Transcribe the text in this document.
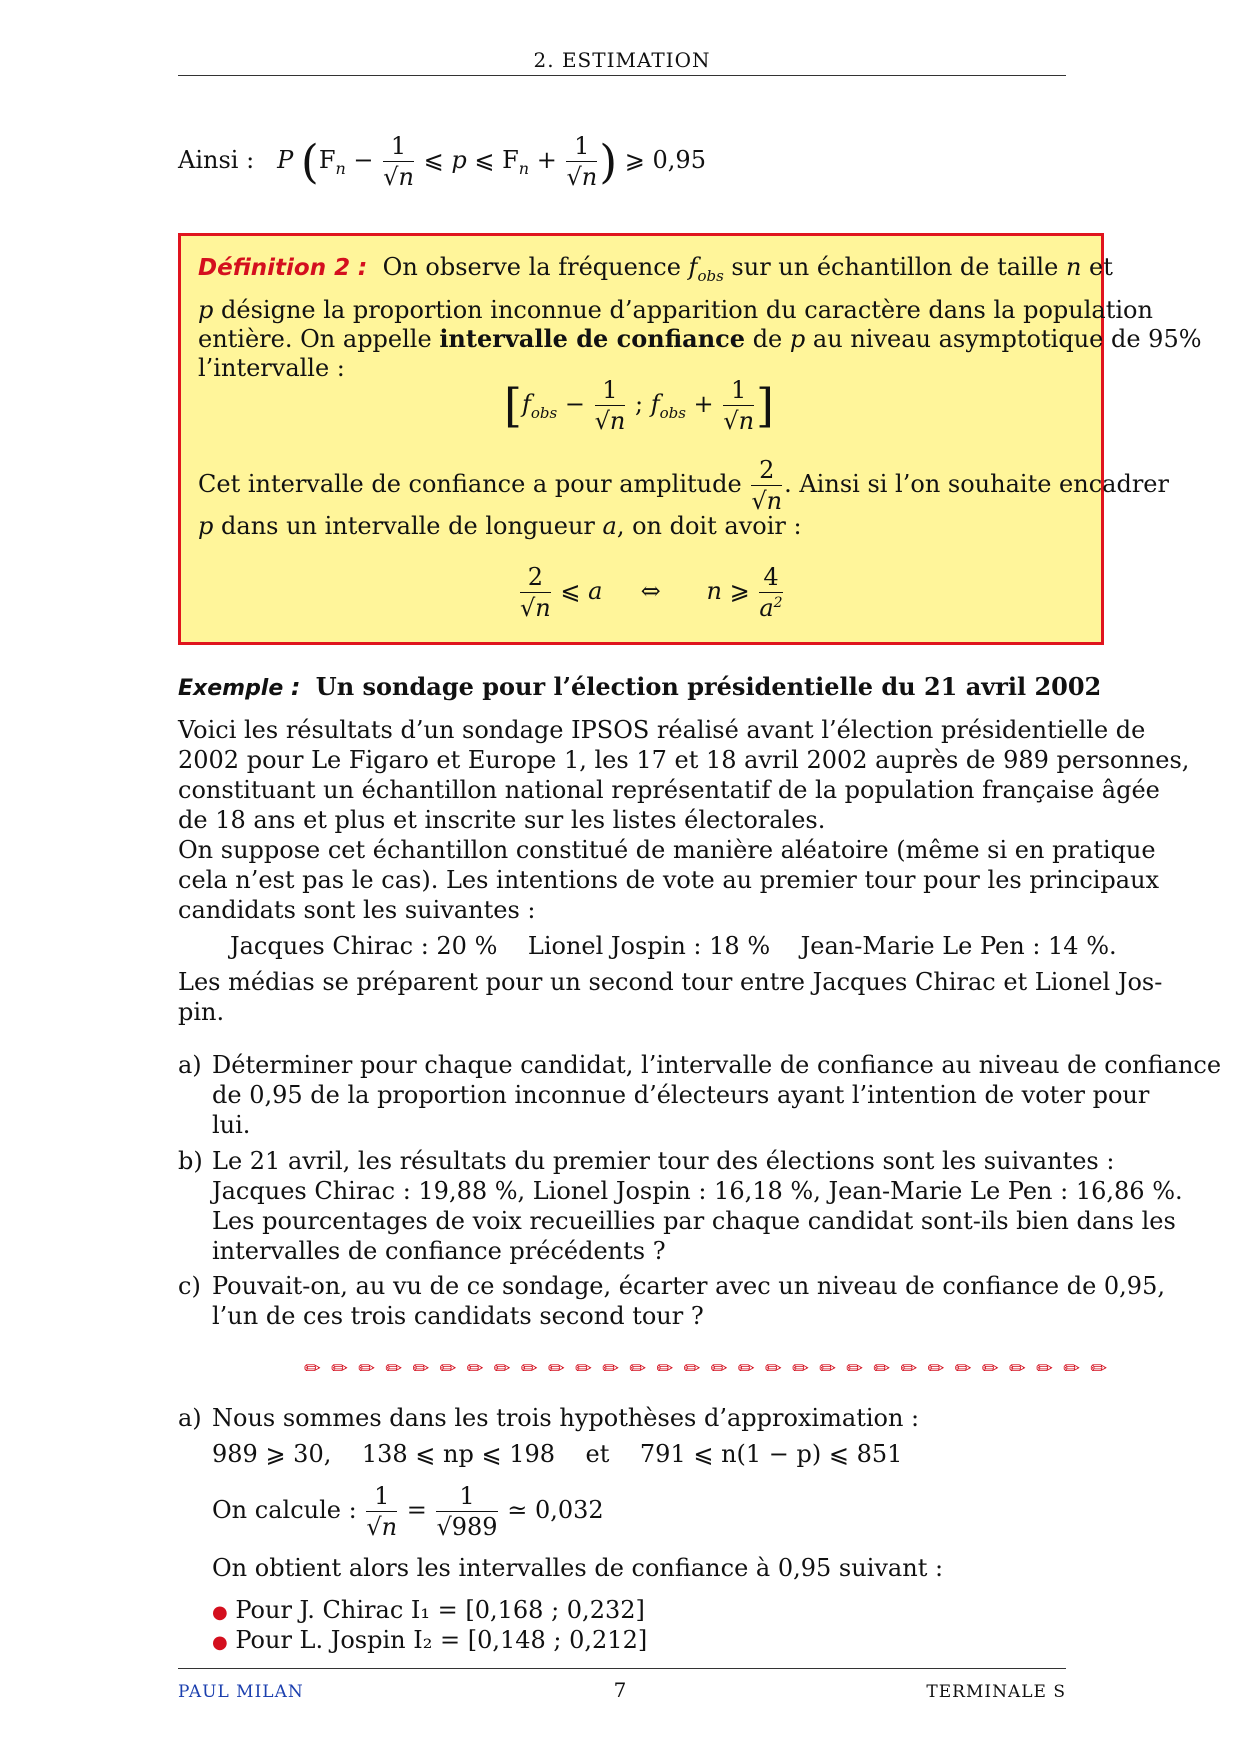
2. ESTIMATION
Ainsi : P ($F_n - \frac{1}{√n}$ ⩽ p ⩽ $F_n + \frac{1}{√n}$ ) ⩾ 0,95
Définition 2 : On observe la fréquence $f_{obs}$ sur un échantillon de taille n et
p désigne la proportion inconnue d’apparition du caractère dans la population
entière. On appelle intervalle de confiance de p au niveau asymptotique de 95%
l’intervalle :
[$f_{obs} - \frac{1}{√n}$ ; $f_{obs} + \frac{1}{√n}$ ]
Cet intervalle de confiance a pour amplitude $\frac{2}{√n}$ . Ainsi si l’on souhaite encadrer
p dans un intervalle de longueur a, on doit avoir :
$\frac{2}{√n}$ ⩽ a ⇔ n ⩾ $\frac{4}{a^2}$
Exemple : Un sondage pour l’élection présidentielle du 21 avril 2002
Voici les résultats d’un sondage IPSOS réalisé avant l’élection présidentielle de
2002 pour Le Figaro et Europe 1, les 17 et 18 avril 2002 auprès de 989 personnes,
constituant un échantillon national représentatif de la population française âgée
de 18 ans et plus et inscrite sur les listes électorales.
On suppose cet échantillon constitué de manière aléatoire (même si en pratique
cela n’est pas le cas). Les intentions de vote au premier tour pour les principaux
candidats sont les suivantes :
Jacques Chirac : 20 %    Lionel Jospin : 18 %    Jean-Marie Le Pen : 14 %.
Les médias se préparent pour un second tour entre Jacques Chirac et Lionel Jos-
pin.
a) Déterminer pour chaque candidat, l’intervalle de confiance au niveau de confiance
de 0,95 de la proportion inconnue d’électeurs ayant l’intention de voter pour
lui.
b) Le 21 avril, les résultats du premier tour des élections sont les suivantes :
Jacques Chirac : 19,88 %, Lionel Jospin : 16,18 %, Jean-Marie Le Pen : 16,86 %.
Les pourcentages de voix recueillies par chaque candidat sont-ils bien dans les
intervalles de confiance précédents ?
c) Pouvait-on, au vu de ce sondage, écarter avec un niveau de confiance de 0,95,
l’un de ces trois candidats second tour ?
✏ ✏ ✏ ✏ ✏ ✏ ✏ ✏ ✏ ✏ ✏ ✏ ✏ ✏ ✏ ✏ ✏ ✏ ✏ ✏ ✏ ✏ ✏ ✏ ✏ ✏ ✏ ✏ ✏ ✏
a) Nous sommes dans les trois hypothèses d’approximation :
989 ⩾ 30,    138 ⩽ np ⩽ 198    et    791 ⩽ n(1 − p) ⩽ 851
On calcule : $\frac{1}{√n} = \frac{1}{√989}$ ≃ 0,032
On obtient alors les intervalles de confiance à 0,95 suivant :
● Pour J. Chirac I₁ = [0,168 ; 0,232]
● Pour L. Jospin I₂ = [0,148 ; 0,212]
PAUL MILAN	7	TERMINALE S
